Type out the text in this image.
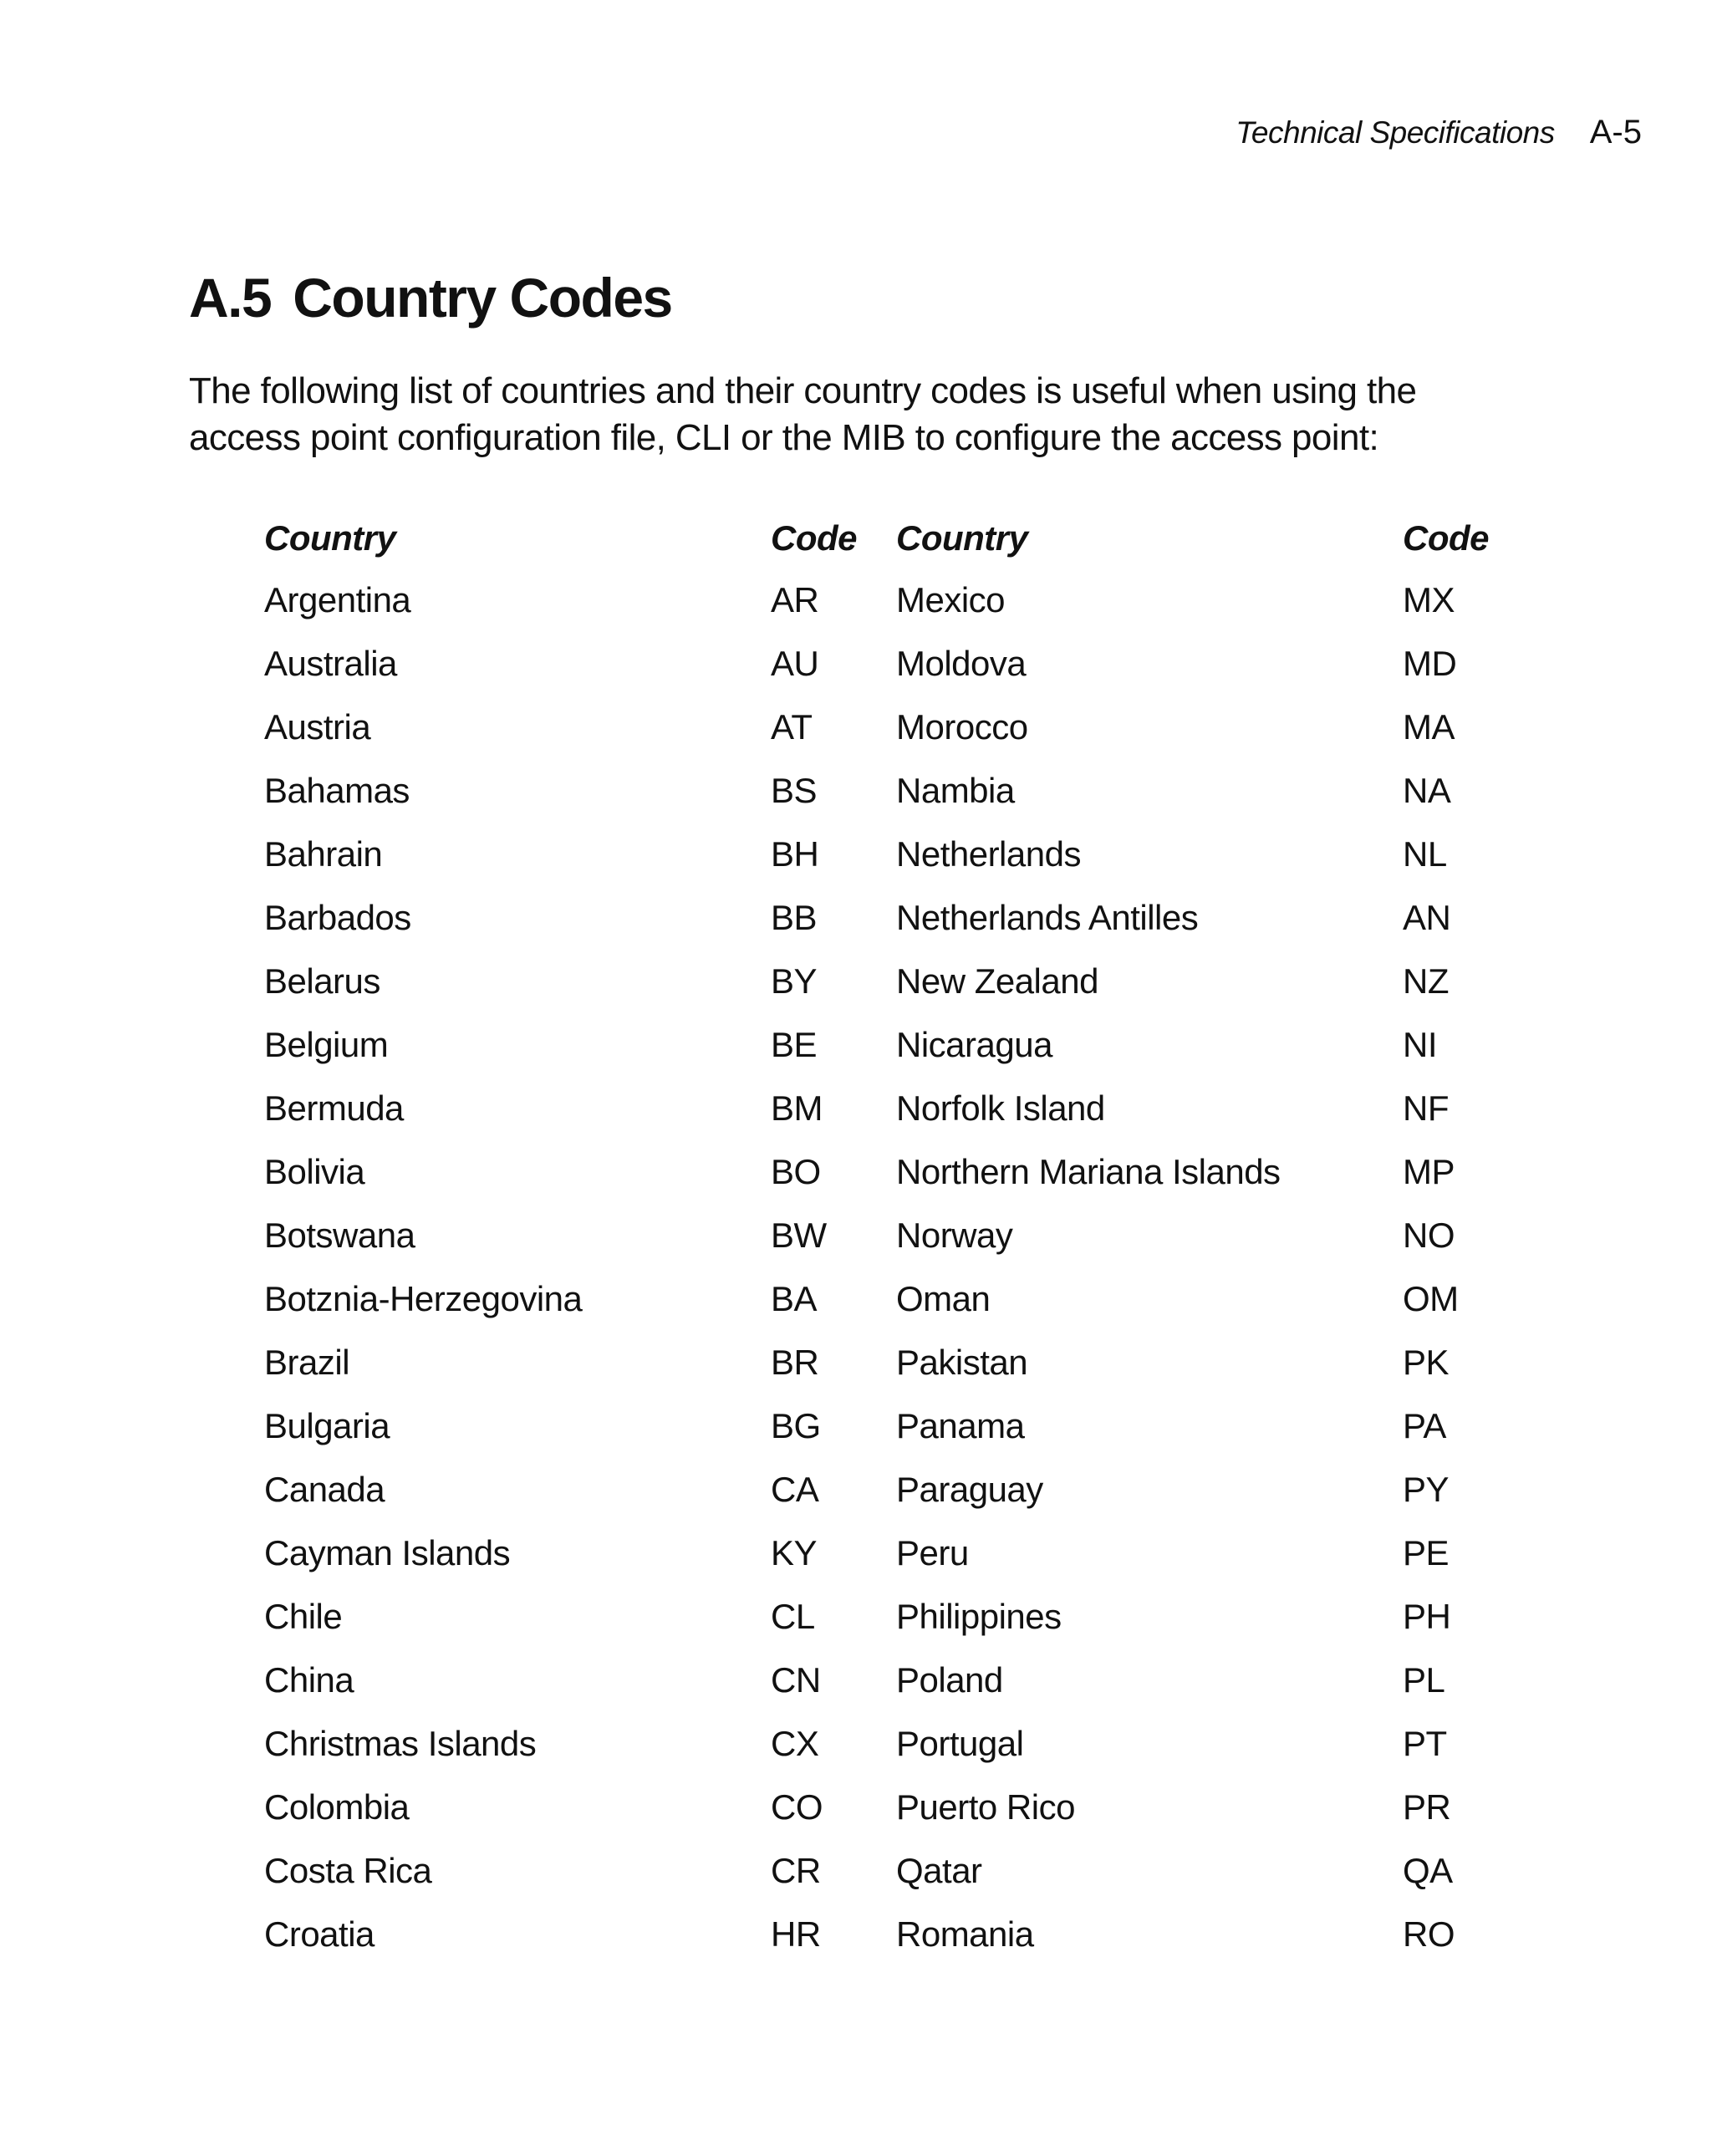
Technical Specifications A-5
A.5 Country Codes

The following list of countries and their country codes is useful when using the access point configuration file, CLI or the MIB to configure the access point:

Country	Code	Country	Code
Argentina	AR	Mexico	MX
Australia	AU	Moldova	MD
Austria	AT	Morocco	MA
Bahamas	BS	Nambia	NA
Bahrain	BH	Netherlands	NL
Barbados	BB	Netherlands Antilles	AN
Belarus	BY	New Zealand	NZ
Belgium	BE	Nicaragua	NI
Bermuda	BM	Norfolk Island	NF
Bolivia	BO	Northern Mariana Islands	MP
Botswana	BW	Norway	NO
Botznia-Herzegovina	BA	Oman	OM
Brazil	BR	Pakistan	PK
Bulgaria	BG	Panama	PA
Canada	CA	Paraguay	PY
Cayman Islands	KY	Peru	PE
Chile	CL	Philippines	PH
China	CN	Poland	PL
Christmas Islands	CX	Portugal	PT
Colombia	CO	Puerto Rico	PR
Costa Rica	CR	Qatar	QA
Croatia	HR	Romania	RO
